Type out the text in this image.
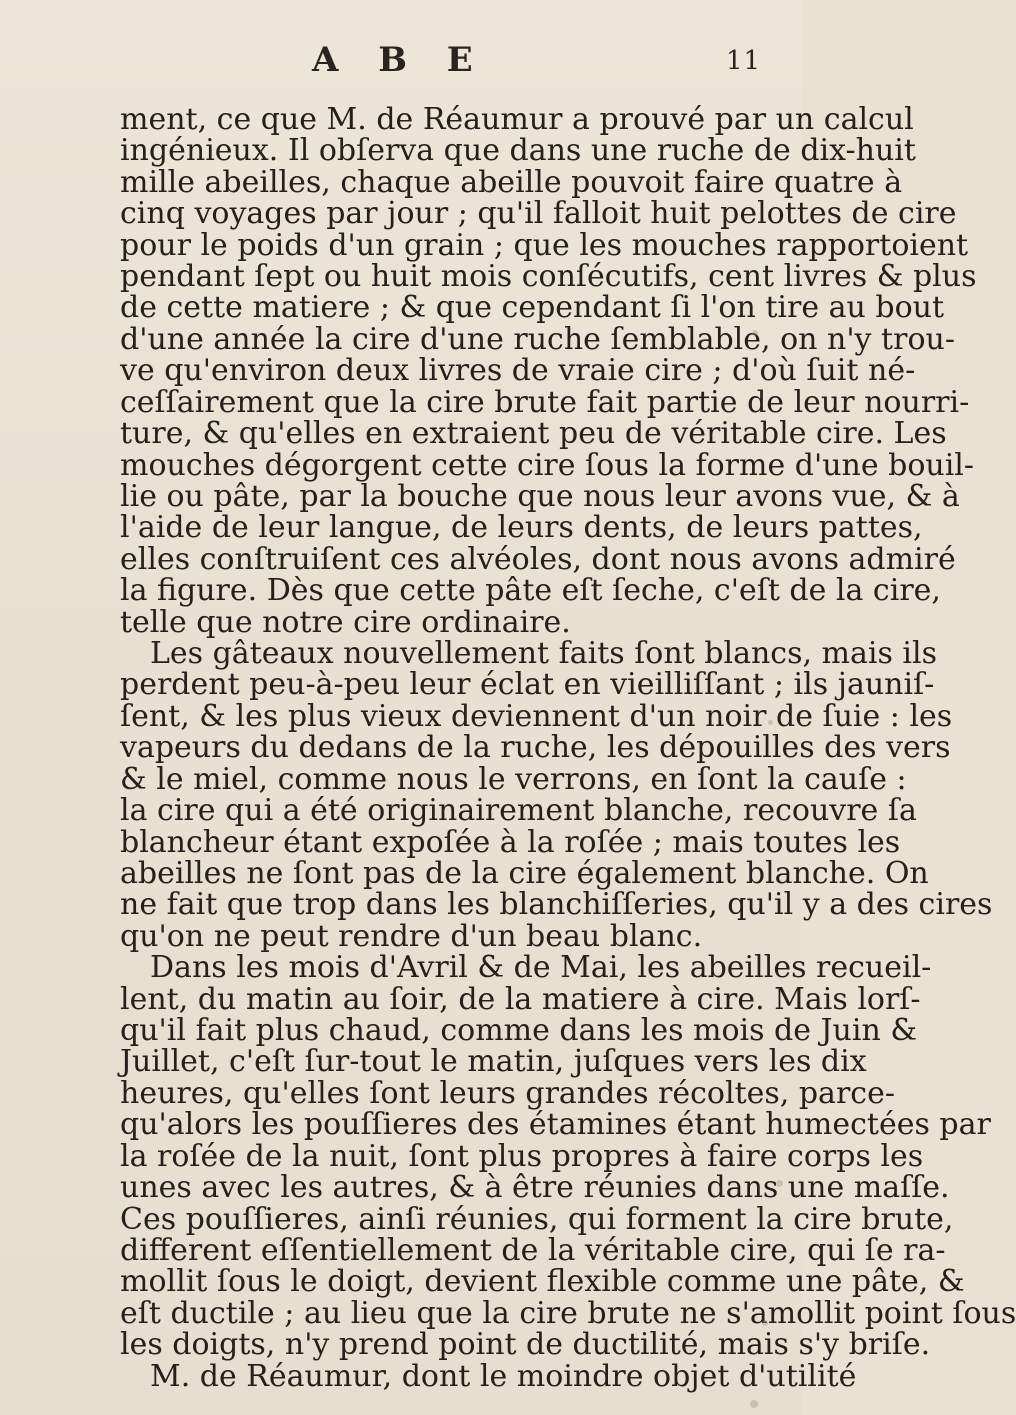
A B E	11
ment, ce que M. de Réaumur a prouvé par un calcul
ingénieux. Il obſerva que dans une ruche de dix-huit
mille abeilles, chaque abeille pouvoit faire quatre à
cinq voyages par jour ; qu'il falloit huit pelottes de cire
pour le poids d'un grain ; que les mouches rapportoient
pendant ſept ou huit mois conſécutifs, cent livres & plus
de cette matiere ; & que cependant ſi l'on tire au bout
d'une année la cire d'une ruche ſemblable, on n'y trou-
ve qu'environ deux livres de vraie cire ; d'où ſuit né-
ceſſairement que la cire brute fait partie de leur nourri-
ture, & qu'elles en extraient peu de véritable cire. Les
mouches dégorgent cette cire ſous la forme d'une bouil-
lie ou pâte, par la bouche que nous leur avons vue, & à
l'aide de leur langue, de leurs dents, de leurs pattes,
elles conſtruiſent ces alvéoles, dont nous avons admiré
la figure. Dès que cette pâte eſt ſeche, c'eſt de la cire,
telle que notre cire ordinaire.
Les gâteaux nouvellement faits ſont blancs, mais ils
perdent peu-à-peu leur éclat en vieilliſſant ; ils jauniſ-
ſent, & les plus vieux deviennent d'un noir de ſuie : les
vapeurs du dedans de la ruche, les dépouilles des vers
& le miel, comme nous le verrons, en ſont la cauſe :
la cire qui a été originairement blanche, recouvre ſa
blancheur étant expoſée à la roſée ; mais toutes les
abeilles ne ſont pas de la cire également blanche. On
ne fait que trop dans les blanchiſſeries, qu'il y a des cires
qu'on ne peut rendre d'un beau blanc.
Dans les mois d'Avril & de Mai, les abeilles recueil-
lent, du matin au ſoir, de la matiere à cire. Mais lorſ-
qu'il fait plus chaud, comme dans les mois de Juin &
Juillet, c'eſt ſur-tout le matin, juſques vers les dix
heures, qu'elles ſont leurs grandes récoltes, parce-
qu'alors les pouſſieres des étamines étant humectées par
la roſée de la nuit, ſont plus propres à faire corps les
unes avec les autres, & à être réunies dans une maſſe.
Ces pouſſieres, ainſi réunies, qui forment la cire brute,
different eſſentiellement de la véritable cire, qui ſe ra-
mollit ſous le doigt, devient flexible comme une pâte, &
eſt ductile ; au lieu que la cire brute ne s'amollit point ſous
les doigts, n'y prend point de ductilité, mais s'y briſe.
M. de Réaumur, dont le moindre objet d'utilité
